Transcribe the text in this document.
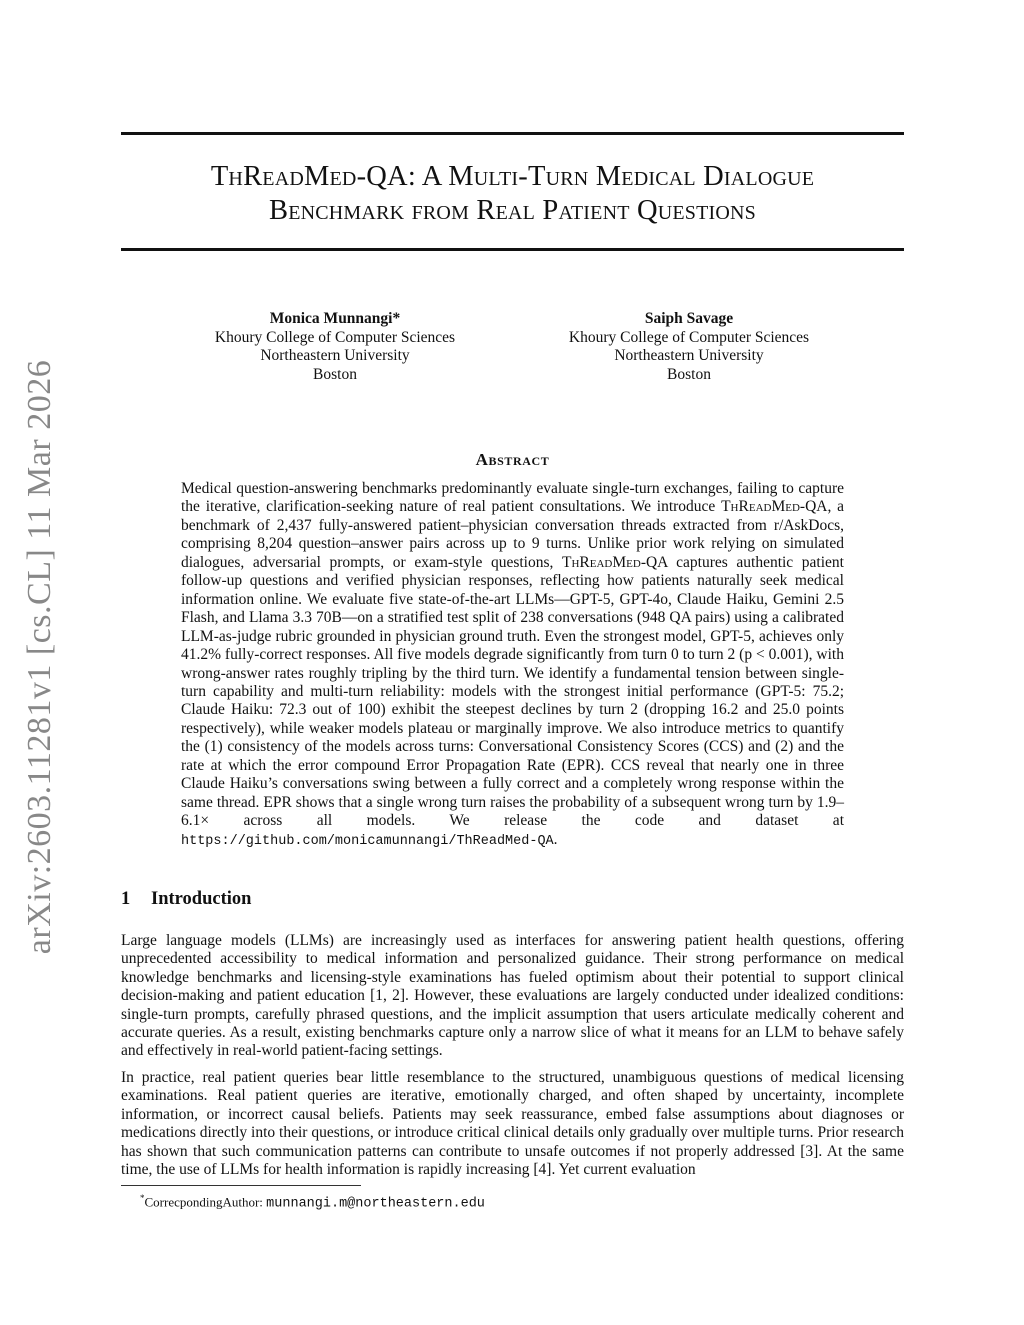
arXiv:2603.11281v1 [cs.CL] 11 Mar 2026
ThReadMed-QA: A Multi-Turn Medical Dialogue
Benchmark from Real Patient Questions
Monica Munnangi*
Khoury College of Computer Sciences
Northeastern University
Boston
Saiph Savage
Khoury College of Computer Sciences
Northeastern University
Boston
Abstract
Medical question-answering benchmarks predominantly evaluate single-turn exchanges, failing to capture the iterative, clarification-seeking nature of real patient consultations. We introduce ThReadMed-QA, a benchmark of 2,437 fully-answered patient–physician conversation threads extracted from r/AskDocs, comprising 8,204 question–answer pairs across up to 9 turns. Unlike prior work relying on simulated dialogues, adversarial prompts, or exam-style questions, ThReadMed-QA captures authentic patient follow-up questions and verified physician responses, reflecting how patients naturally seek medical information online. We evaluate five state-of-the-art LLMs—GPT-5, GPT-4o, Claude Haiku, Gemini 2.5 Flash, and Llama 3.3 70B—on a stratified test split of 238 conversations (948 QA pairs) using a calibrated LLM-as-judge rubric grounded in physician ground truth. Even the strongest model, GPT-5, achieves only 41.2% fully-correct responses. All five models degrade significantly from turn 0 to turn 2 (p < 0.001), with wrong-answer rates roughly tripling by the third turn. We identify a fundamental tension between single-turn capability and multi-turn reliability: models with the strongest initial performance (GPT-5: 75.2; Claude Haiku: 72.3 out of 100) exhibit the steepest declines by turn 2 (dropping 16.2 and 25.0 points respectively), while weaker models plateau or marginally improve. We also introduce metrics to quantify the (1) consistency of the models across turns: Conversational Consistency Scores (CCS) and (2) and the rate at which the error compound Error Propagation Rate (EPR). CCS reveal that nearly one in three Claude Haiku’s conversations swing between a fully correct and a completely wrong response within the same thread. EPR shows that a single wrong turn raises the probability of a subsequent wrong turn by 1.9–6.1× across all models. We release the code and dataset at https://github.com/monicamunnangi/ThReadMed-QA.
1 Introduction
Large language models (LLMs) are increasingly used as interfaces for answering patient health questions, offering unprecedented accessibility to medical information and personalized guidance. Their strong performance on medical knowledge benchmarks and licensing-style examinations has fueled optimism about their potential to support clinical decision-making and patient education [1, 2]. However, these evaluations are largely conducted under idealized conditions: single-turn prompts, carefully phrased questions, and the implicit assumption that users articulate medically coherent and accurate queries. As a result, existing benchmarks capture only a narrow slice of what it means for an LLM to behave safely and effectively in real-world patient-facing settings.
In practice, real patient queries bear little resemblance to the structured, unambiguous questions of medical licensing examinations. Real patient queries are iterative, emotionally charged, and often shaped by uncertainty, incomplete information, or incorrect causal beliefs. Patients may seek reassurance, embed false assumptions about diagnoses or medications directly into their questions, or introduce critical clinical details only gradually over multiple turns. Prior research has shown that such communication patterns can contribute to unsafe outcomes if not properly addressed [3]. At the same time, the use of LLMs for health information is rapidly increasing [4]. Yet current evaluation
*CorrecpondingAuthor: munnangi.m@northeastern.edu
